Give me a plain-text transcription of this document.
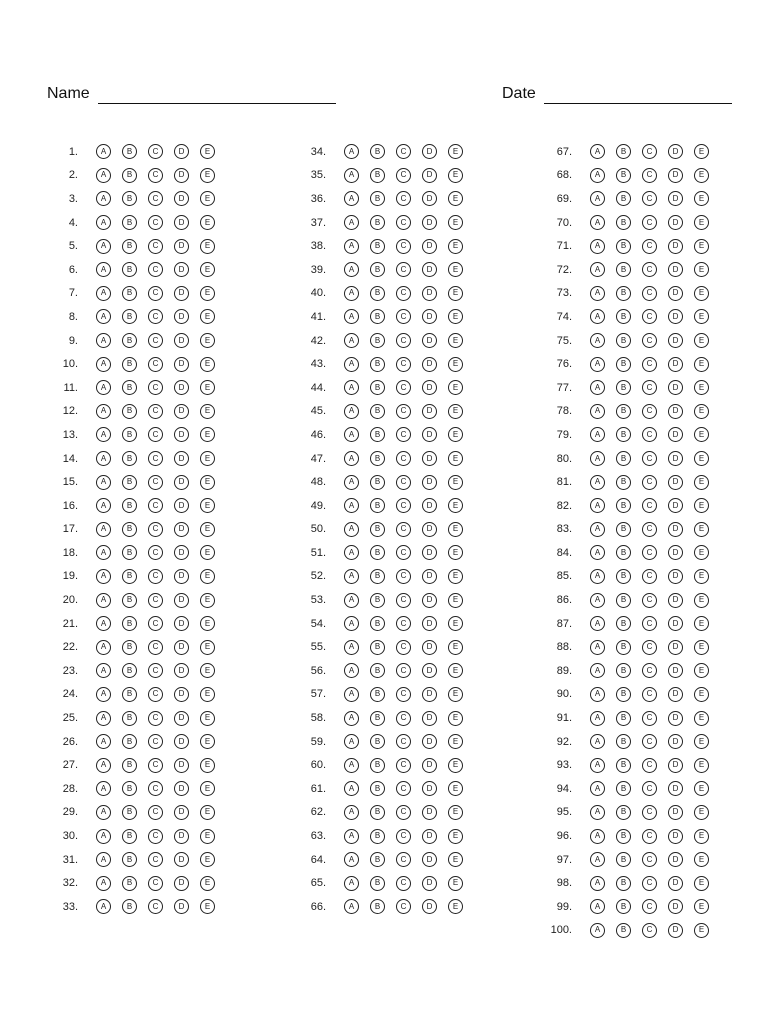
Name	Date
1.	A	B	C	D	E
2.	A	B	C	D	E
3.	A	B	C	D	E
4.	A	B	C	D	E
5.	A	B	C	D	E
6.	A	B	C	D	E
7.	A	B	C	D	E
8.	A	B	C	D	E
9.	A	B	C	D	E
10.	A	B	C	D	E
11.	A	B	C	D	E
12.	A	B	C	D	E
13.	A	B	C	D	E
14.	A	B	C	D	E
15.	A	B	C	D	E
16.	A	B	C	D	E
17.	A	B	C	D	E
18.	A	B	C	D	E
19.	A	B	C	D	E
20.	A	B	C	D	E
21.	A	B	C	D	E
22.	A	B	C	D	E
23.	A	B	C	D	E
24.	A	B	C	D	E
25.	A	B	C	D	E
26.	A	B	C	D	E
27.	A	B	C	D	E
28.	A	B	C	D	E
29.	A	B	C	D	E
30.	A	B	C	D	E
31.	A	B	C	D	E
32.	A	B	C	D	E
33.	A	B	C	D	E
34.	A	B	C	D	E
35.	A	B	C	D	E
36.	A	B	C	D	E
37.	A	B	C	D	E
38.	A	B	C	D	E
39.	A	B	C	D	E
40.	A	B	C	D	E
41.	A	B	C	D	E
42.	A	B	C	D	E
43.	A	B	C	D	E
44.	A	B	C	D	E
45.	A	B	C	D	E
46.	A	B	C	D	E
47.	A	B	C	D	E
48.	A	B	C	D	E
49.	A	B	C	D	E
50.	A	B	C	D	E
51.	A	B	C	D	E
52.	A	B	C	D	E
53.	A	B	C	D	E
54.	A	B	C	D	E
55.	A	B	C	D	E
56.	A	B	C	D	E
57.	A	B	C	D	E
58.	A	B	C	D	E
59.	A	B	C	D	E
60.	A	B	C	D	E
61.	A	B	C	D	E
62.	A	B	C	D	E
63.	A	B	C	D	E
64.	A	B	C	D	E
65.	A	B	C	D	E
66.	A	B	C	D	E
67.	A	B	C	D	E
68.	A	B	C	D	E
69.	A	B	C	D	E
70.	A	B	C	D	E
71.	A	B	C	D	E
72.	A	B	C	D	E
73.	A	B	C	D	E
74.	A	B	C	D	E
75.	A	B	C	D	E
76.	A	B	C	D	E
77.	A	B	C	D	E
78.	A	B	C	D	E
79.	A	B	C	D	E
80.	A	B	C	D	E
81.	A	B	C	D	E
82.	A	B	C	D	E
83.	A	B	C	D	E
84.	A	B	C	D	E
85.	A	B	C	D	E
86.	A	B	C	D	E
87.	A	B	C	D	E
88.	A	B	C	D	E
89.	A	B	C	D	E
90.	A	B	C	D	E
91.	A	B	C	D	E
92.	A	B	C	D	E
93.	A	B	C	D	E
94.	A	B	C	D	E
95.	A	B	C	D	E
96.	A	B	C	D	E
97.	A	B	C	D	E
98.	A	B	C	D	E
99.	A	B	C	D	E
100.	A	B	C	D	E
